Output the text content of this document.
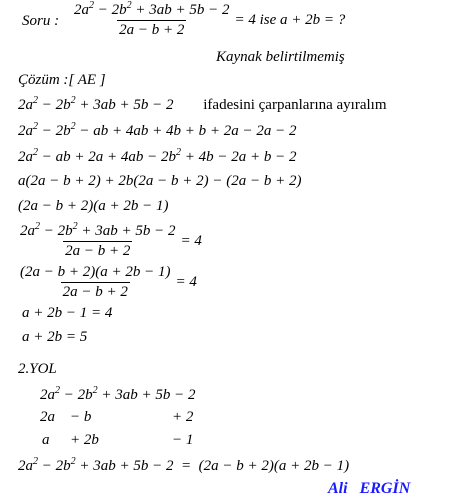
Soru : $\frac{2a^2 - 2b^2 + 3ab + 5b - 2}{2a - b + 2} = 4$ ise a + 2b = ?
Kaynak belirtilmemiş
Çözüm :[ AE ]
$2a^2 - 2b^2 + 3ab + 5b - 2$ ifadesini çarpanlarına ayıralım
$2a^2 - 2b^2$ − ab + 4ab + 4b + b + 2a − 2a − 2
$2a^2$ − ab + $2a + 4ab - 2b^2 + 4b - 2a + b - 2$
a(2a − b + 2) + 2b(2a − b + 2) − (2a − b + 2)
(2a − b + 2)(a + 2b − 1)
$\frac{2a^2 - 2b^2 + 3ab + 5b - 2}{2a - b + 2} = 4$
$\frac{(2a - b + 2)(a + 2b - 1)}{2a - b + 2} = 4$
a + 2b − 1 = 4
a + 2b = 5
2.YOL
$2a^2 - 2b^2 + 3ab + 5b - 2$
2a − b	+ 2
a + 2b	− 1
$2a^2 - 2b^2 + 3ab + 5b - 2 = (2a - b + 2)(a + 2b - 1)$
Ali   ERGİN
